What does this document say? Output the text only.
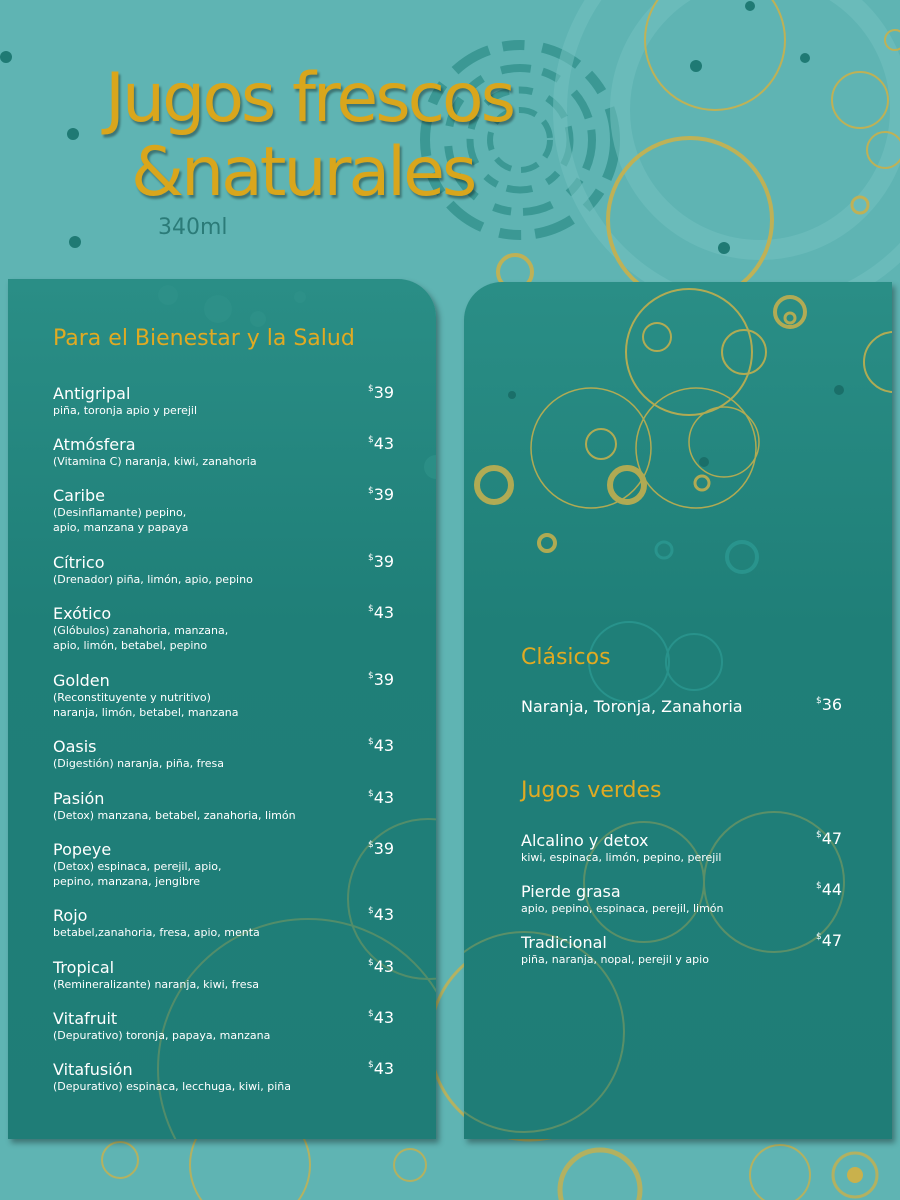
Jugos frescos
&naturales
340ml
Para el Bienestar y la Salud
Antigripal
piña, toronja apio y perejil
$39
Atmósfera
(Vitamina C) naranja, kiwi, zanahoria
$43
Caribe
(Desinflamante) pepino,
apio, manzana y papaya
$39
Cítrico
(Drenador) piña, limón, apio, pepino
$39
Exótico
(Glóbulos) zanahoria, manzana,
apio, limón, betabel, pepino
$43
Golden
(Reconstituyente y nutritivo)
naranja, limón, betabel, manzana
$39
Oasis
(Digestión) naranja, piña, fresa
$43
Pasión
(Detox) manzana, betabel, zanahoria, limón
$43
Popeye
(Detox) espinaca, perejil, apio,
pepino, manzana, jengibre
$39
Rojo
betabel,zanahoria, fresa, apio, menta
$43
Tropical
(Remineralizante) naranja, kiwi, fresa
$43
Vitafruit
(Depurativo) toronja, papaya, manzana
$43
Vitafusión
(Depurativo) espinaca, lecchuga, kiwi, piña
$43
Clásicos
Naranja, Toronja, Zanahoria	$36
Jugos verdes
Alcalino y detox
kiwi, espinaca, limón, pepino, perejil
$47
Pierde grasa
apio, pepino, espinaca, perejil, limón
$44
Tradicional
piña, naranja, nopal, perejil y apio
$47
